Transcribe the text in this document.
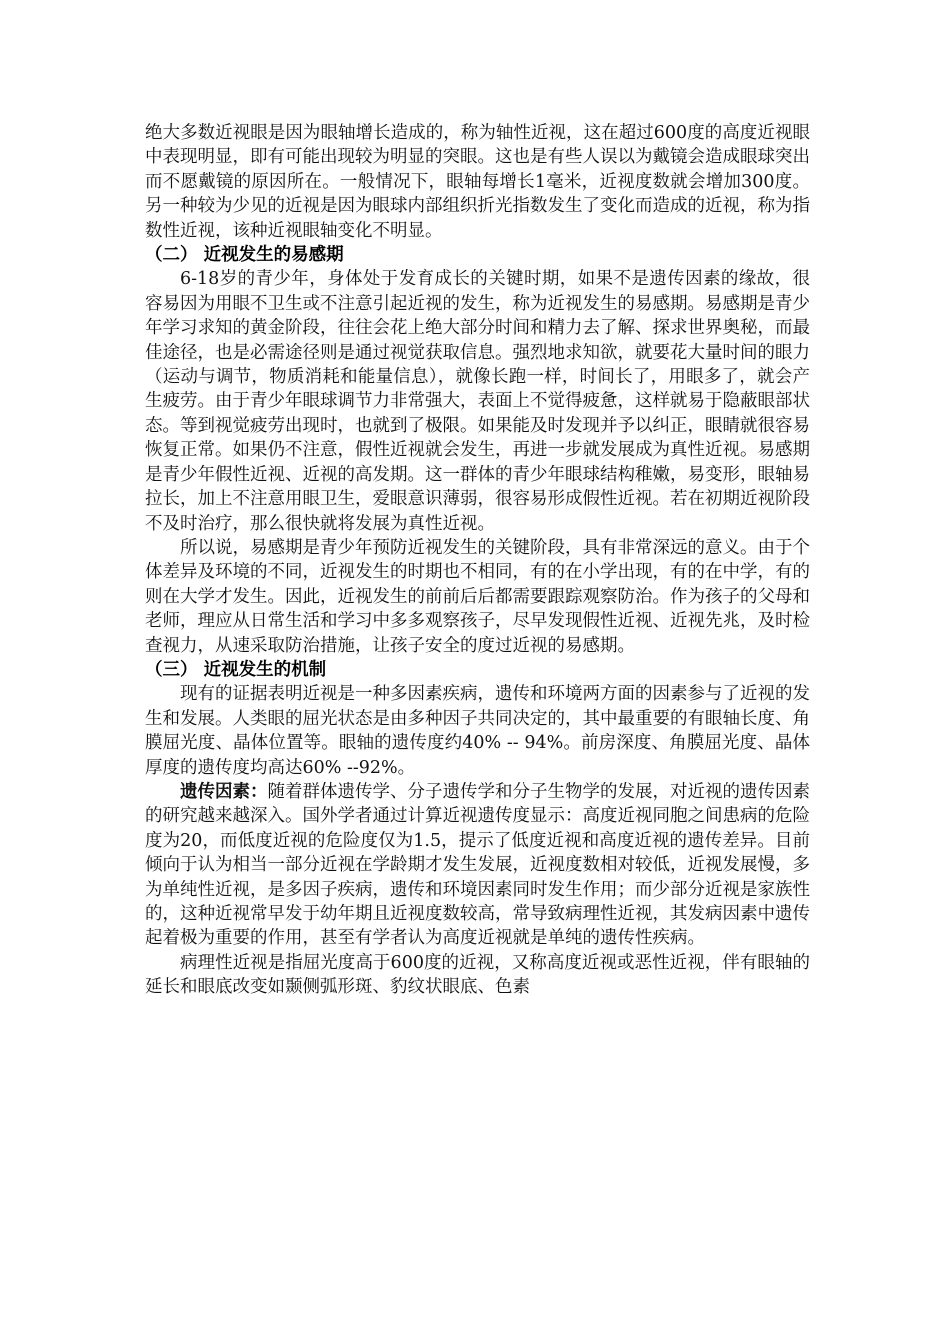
绝大多数近视眼是因为眼轴增长造成的，称为轴性近视，这在超过600度的高度近视眼中表现明显，即有可能出现较为明显的突眼。这也是有些人误以为戴镜会造成眼球突出而不愿戴镜的原因所在。一般情况下，眼轴每增长1毫米，近视度数就会增加300度。另一种较为少见的近视是因为眼球内部组织折光指数发生了变化而造成的近视，称为指数性近视，该种近视眼轴变化不明显。

（二） 近视发生的易感期

6-18岁的青少年，身体处于发育成长的关键时期，如果不是遗传因素的缘故，很容易因为用眼不卫生或不注意引起近视的发生，称为近视发生的易感期。易感期是青少年学习求知的黄金阶段，往往会花上绝大部分时间和精力去了解、探求世界奥秘，而最佳途径，也是必需途径则是通过视觉获取信息。强烈地求知欲，就要花大量时间的眼力（运动与调节，物质消耗和能量信息），就像长跑一样，时间长了，用眼多了，就会产生疲劳。由于青少年眼球调节力非常强大，表面上不觉得疲惫，这样就易于隐蔽眼部状态。等到视觉疲劳出现时，也就到了极限。如果能及时发现并予以纠正，眼睛就很容易恢复正常。如果仍不注意，假性近视就会发生，再进一步就发展成为真性近视。易感期是青少年假性近视、近视的高发期。这一群体的青少年眼球结构稚嫩，易变形，眼轴易拉长，加上不注意用眼卫生，爱眼意识薄弱，很容易形成假性近视。若在初期近视阶段不及时治疗，那么很快就将发展为真性近视。

所以说，易感期是青少年预防近视发生的关键阶段，具有非常深远的意义。由于个体差异及环境的不同，近视发生的时期也不相同，有的在小学出现，有的在中学，有的则在大学才发生。因此，近视发生的前前后后都需要跟踪观察防治。作为孩子的父母和老师，理应从日常生活和学习中多多观察孩子，尽早发现假性近视、近视先兆，及时检查视力，从速采取防治措施，让孩子安全的度过近视的易感期。

（三） 近视发生的机制

现有的证据表明近视是一种多因素疾病，遗传和环境两方面的因素参与了近视的发生和发展。人类眼的屈光状态是由多种因子共同决定的，其中最重要的有眼轴长度、角膜屈光度、晶体位置等。眼轴的遗传度约40% -- 94%。前房深度、角膜屈光度、晶体厚度的遗传度均高达60% --92%。

遗传因素：随着群体遗传学、分子遗传学和分子生物学的发展，对近视的遗传因素的研究越来越深入。国外学者通过计算近视遗传度显示：高度近视同胞之间患病的危险度为20，而低度近视的危险度仅为1.5，提示了低度近视和高度近视的遗传差异。目前倾向于认为相当一部分近视在学龄期才发生发展，近视度数相对较低，近视发展慢，多为单纯性近视，是多因子疾病，遗传和环境因素同时发生作用；而少部分近视是家族性的，这种近视常早发于幼年期且近视度数较高，常导致病理性近视，其发病因素中遗传起着极为重要的作用，甚至有学者认为高度近视就是单纯的遗传性疾病。

病理性近视是指屈光度高于600度的近视，又称高度近视或恶性近视，伴有眼轴的延长和眼底改变如颞侧弧形斑、豹纹状眼底、色素
